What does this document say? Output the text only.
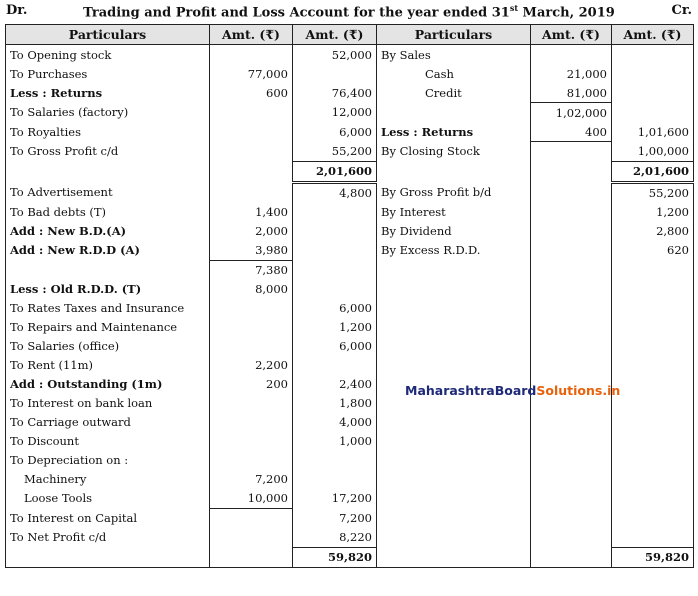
Dr.	Trading and Profit and Loss Account for the year ended 31st March, 2019	Cr.
Particulars	Amt. (₹)	Amt. (₹)	Particulars	Amt. (₹)	Amt. (₹)
To Opening stock		52,000	By Sales		
To Purchases	77,000		Cash	21,000	
Less : Returns	600	76,400	Credit	81,000	
To Salaries (factory)		12,000		1,02,000	
To Royalties		6,000	Less : Returns	400	1,01,600
To Gross Profit c/d		55,200	By Closing Stock		1,00,000
		2,01,600			2,01,600
To Advertisement		4,800	By Gross Profit b/d		55,200
To Bad debts (T)	1,400		By Interest		1,200
Add : New B.D.(A)	2,000		By Dividend		2,800
Add : New R.D.D (A)	3,980		By Excess R.D.D.		620
	7,380				
Less : Old R.D.D. (T)	8,000				
To Rates Taxes and Insurance		6,000			
To Repairs and Maintenance		1,200			
To Salaries (office)		6,000			
To Rent (11m)	2,200				
Add : Outstanding (1m)	200	2,400			
To Interest on bank loan		1,800			
To Carriage outward		4,000			
To Discount		1,000			
To Depreciation on :					
Machinery	7,200				
Loose Tools	10,000	17,200			
To Interest on Capital		7,200			
To Net Profit c/d		8,220			
		59,820			59,820
MaharashtraBoardSolutions.in
